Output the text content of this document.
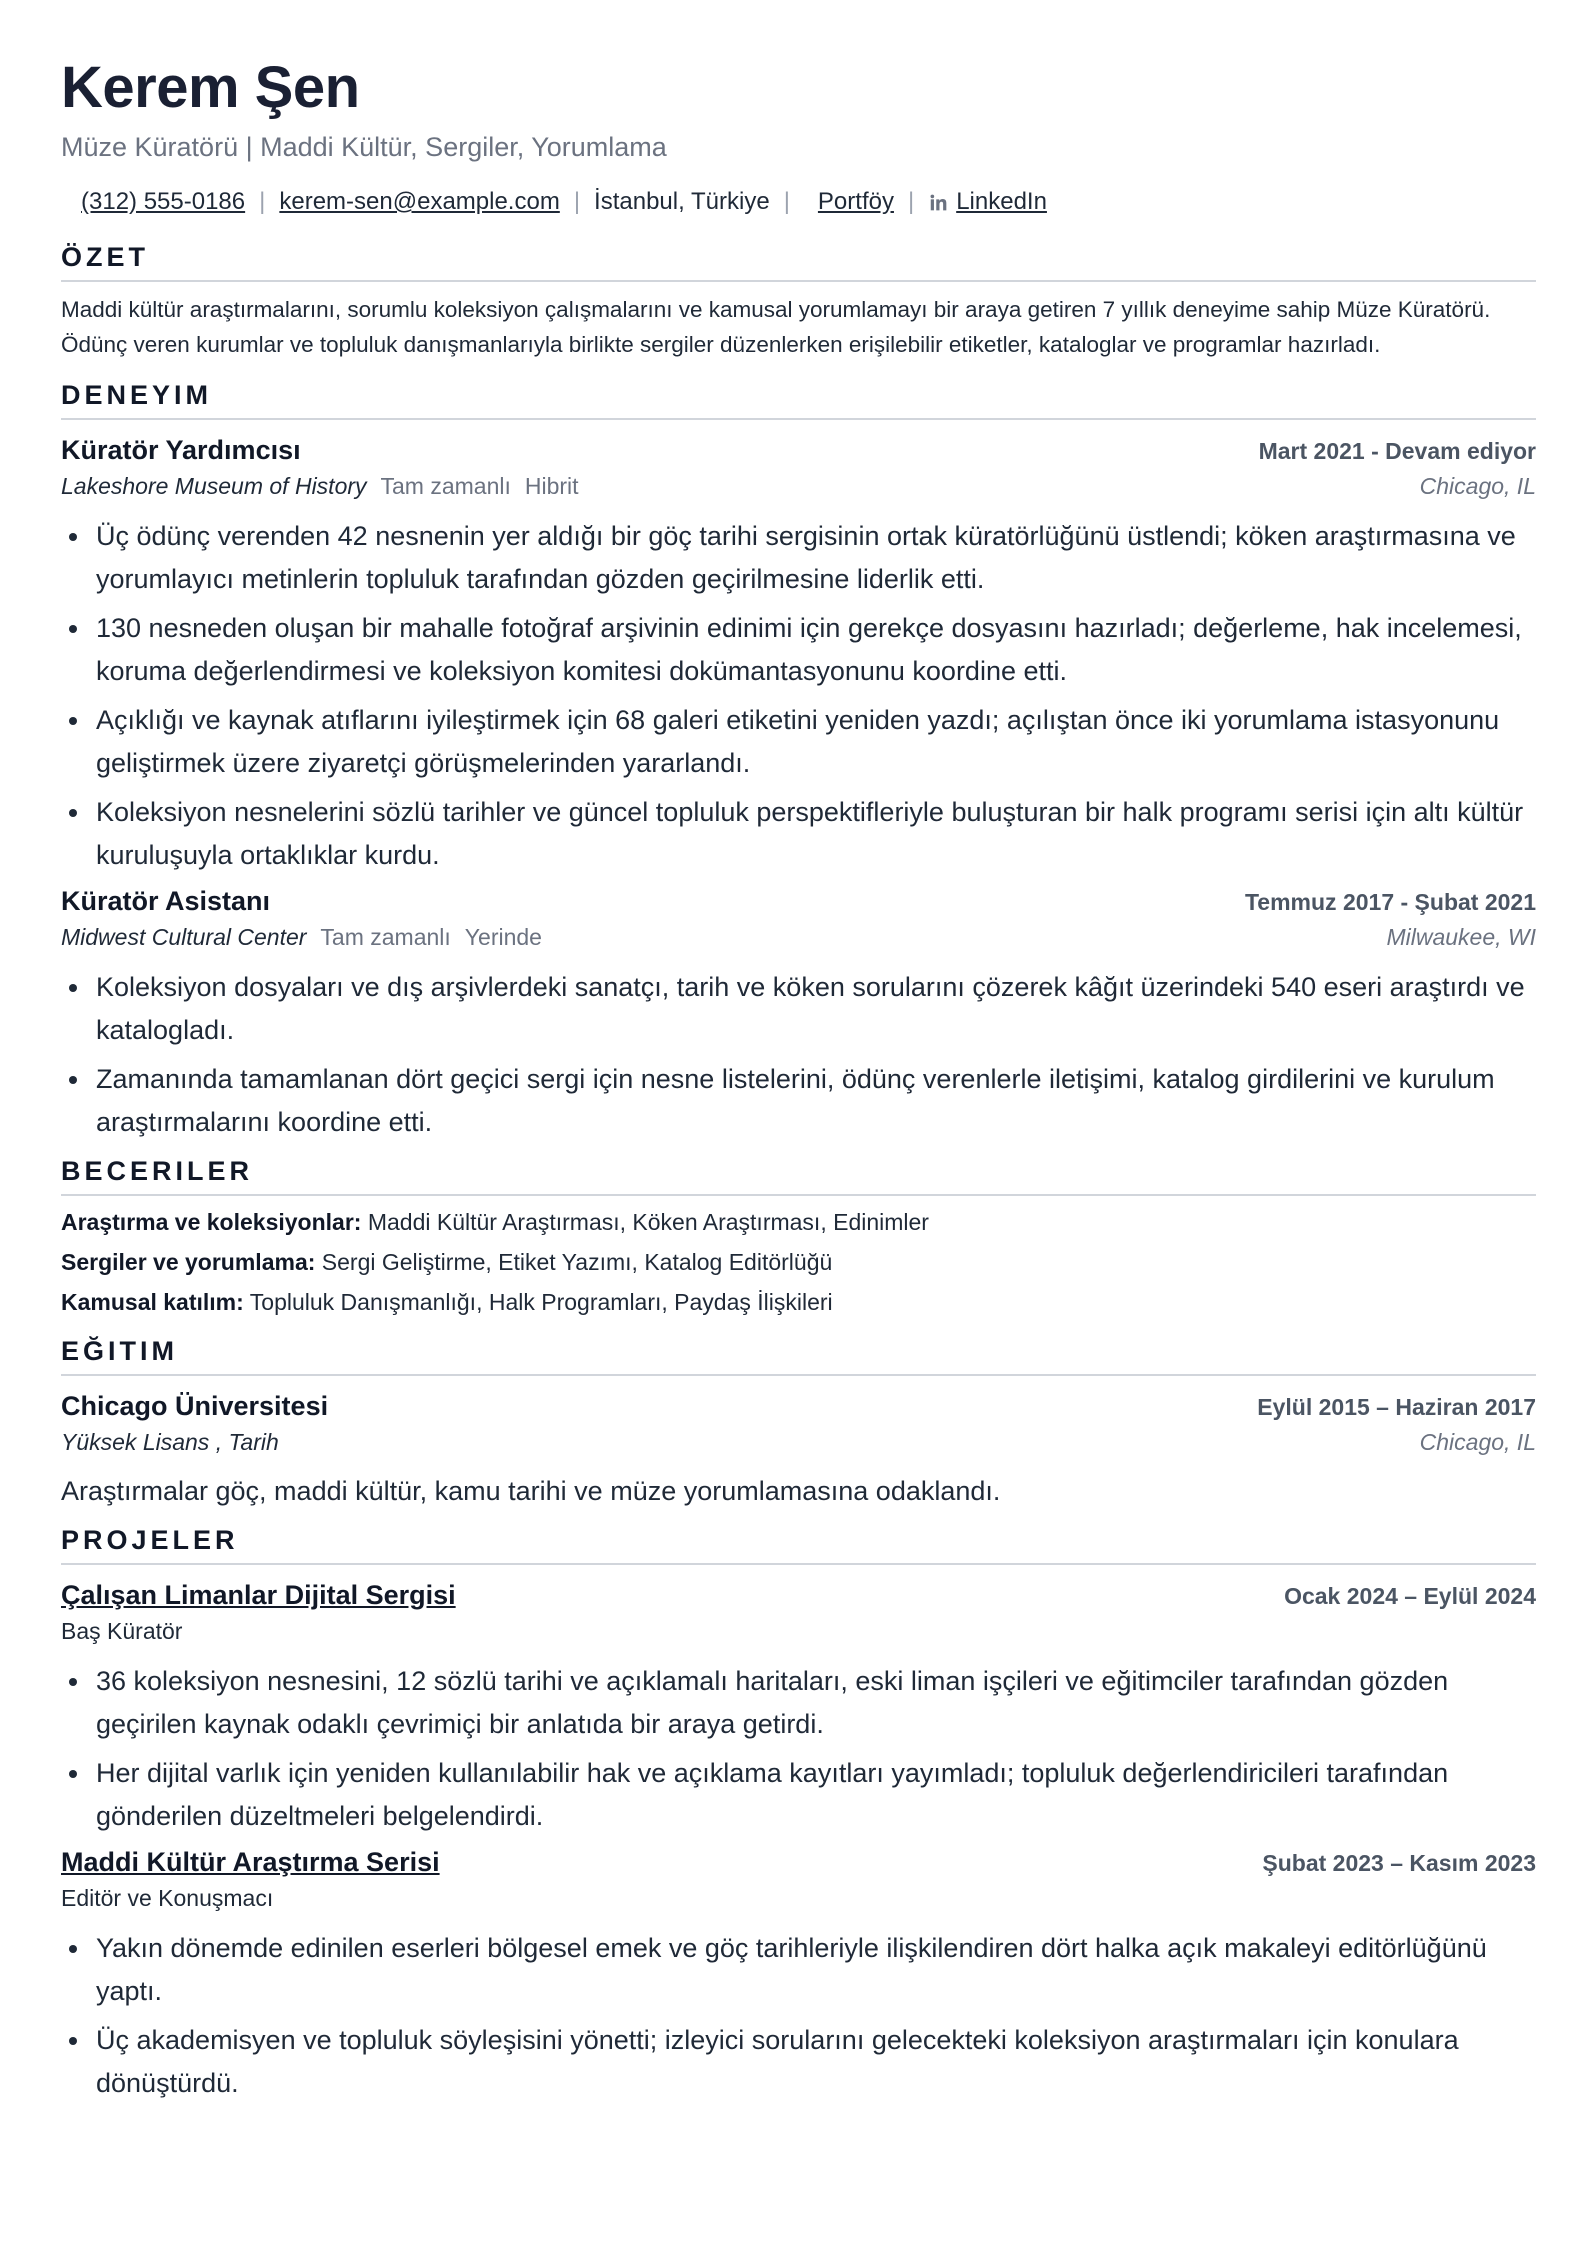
Kerem Şen
Müze Küratörü | Maddi Kültür, Sergiler, Yorumlama
(312) 555-0186 | kerem-sen@example.com | İstanbul, Türkiye | Portföy | LinkedIn
ÖZET

Maddi kültür araştırmalarını, sorumlu koleksiyon çalışmalarını ve kamusal yorumlamayı bir araya getiren 7 yıllık deneyime sahip Müze Küratörü. Ödünç veren kurumlar ve topluluk danışmanlarıyla birlikte sergiler düzenlerken erişilebilir etiketler, kataloglar ve programlar hazırladı.

DENEYIM
Küratör Yardımcısı	Mart 2021 - Devam ediyor
Lakeshore Museum of History Tam zamanlı Hibrit	Chicago, IL
Üç ödünç verenden 42 nesnenin yer aldığı bir göç tarihi sergisinin ortak küratörlüğünü üstlendi; köken araştırmasına ve yorumlayıcı metinlerin topluluk tarafından gözden geçirilmesine liderlik etti.
130 nesneden oluşan bir mahalle fotoğraf arşivinin edinimi için gerekçe dosyasını hazırladı; değerleme, hak incelemesi, koruma değerlendirmesi ve koleksiyon komitesi dokümantasyonunu koordine etti.
Açıklığı ve kaynak atıflarını iyileştirmek için 68 galeri etiketini yeniden yazdı; açılıştan önce iki yorumlama istasyonunu geliştirmek üzere ziyaretçi görüşmelerinden yararlandı.
Koleksiyon nesnelerini sözlü tarihler ve güncel topluluk perspektifleriyle buluşturan bir halk programı serisi için altı kültür kuruluşuyla ortaklıklar kurdu.
Küratör Asistanı	Temmuz 2017 - Şubat 2021
Midwest Cultural Center Tam zamanlı Yerinde	Milwaukee, WI
Koleksiyon dosyaları ve dış arşivlerdeki sanatçı, tarih ve köken sorularını çözerek kâğıt üzerindeki 540 eseri araştırdı ve katalogladı.
Zamanında tamamlanan dört geçici sergi için nesne listelerini, ödünç verenlerle iletişimi, katalog girdilerini ve kurulum araştırmalarını koordine etti.
BECERILER
Araştırma ve koleksiyonlar: Maddi Kültür Araştırması, Köken Araştırması, Edinimler
Sergiler ve yorumlama: Sergi Geliştirme, Etiket Yazımı, Katalog Editörlüğü
Kamusal katılım: Topluluk Danışmanlığı, Halk Programları, Paydaş İlişkileri
EĞITIM
Chicago Üniversitesi	Eylül 2015 – Haziran 2017
Yüksek Lisans , Tarih	Chicago, IL

Araştırmalar göç, maddi kültür, kamu tarihi ve müze yorumlamasına odaklandı.

PROJELER
Çalışan Limanlar Dijital Sergisi	Ocak 2024 – Eylül 2024
Baş Küratör
36 koleksiyon nesnesini, 12 sözlü tarihi ve açıklamalı haritaları, eski liman işçileri ve eğitimciler tarafından gözden geçirilen kaynak odaklı çevrimiçi bir anlatıda bir araya getirdi.
Her dijital varlık için yeniden kullanılabilir hak ve açıklama kayıtları yayımladı; topluluk değerlendiricileri tarafından gönderilen düzeltmeleri belgelendirdi.
Maddi Kültür Araştırma Serisi	Şubat 2023 – Kasım 2023
Editör ve Konuşmacı
Yakın dönemde edinilen eserleri bölgesel emek ve göç tarihleriyle ilişkilendiren dört halka açık makaleyi editörlüğünü yaptı.
Üç akademisyen ve topluluk söyleşisini yönetti; izleyici sorularını gelecekteki koleksiyon araştırmaları için konulara dönüştürdü.
